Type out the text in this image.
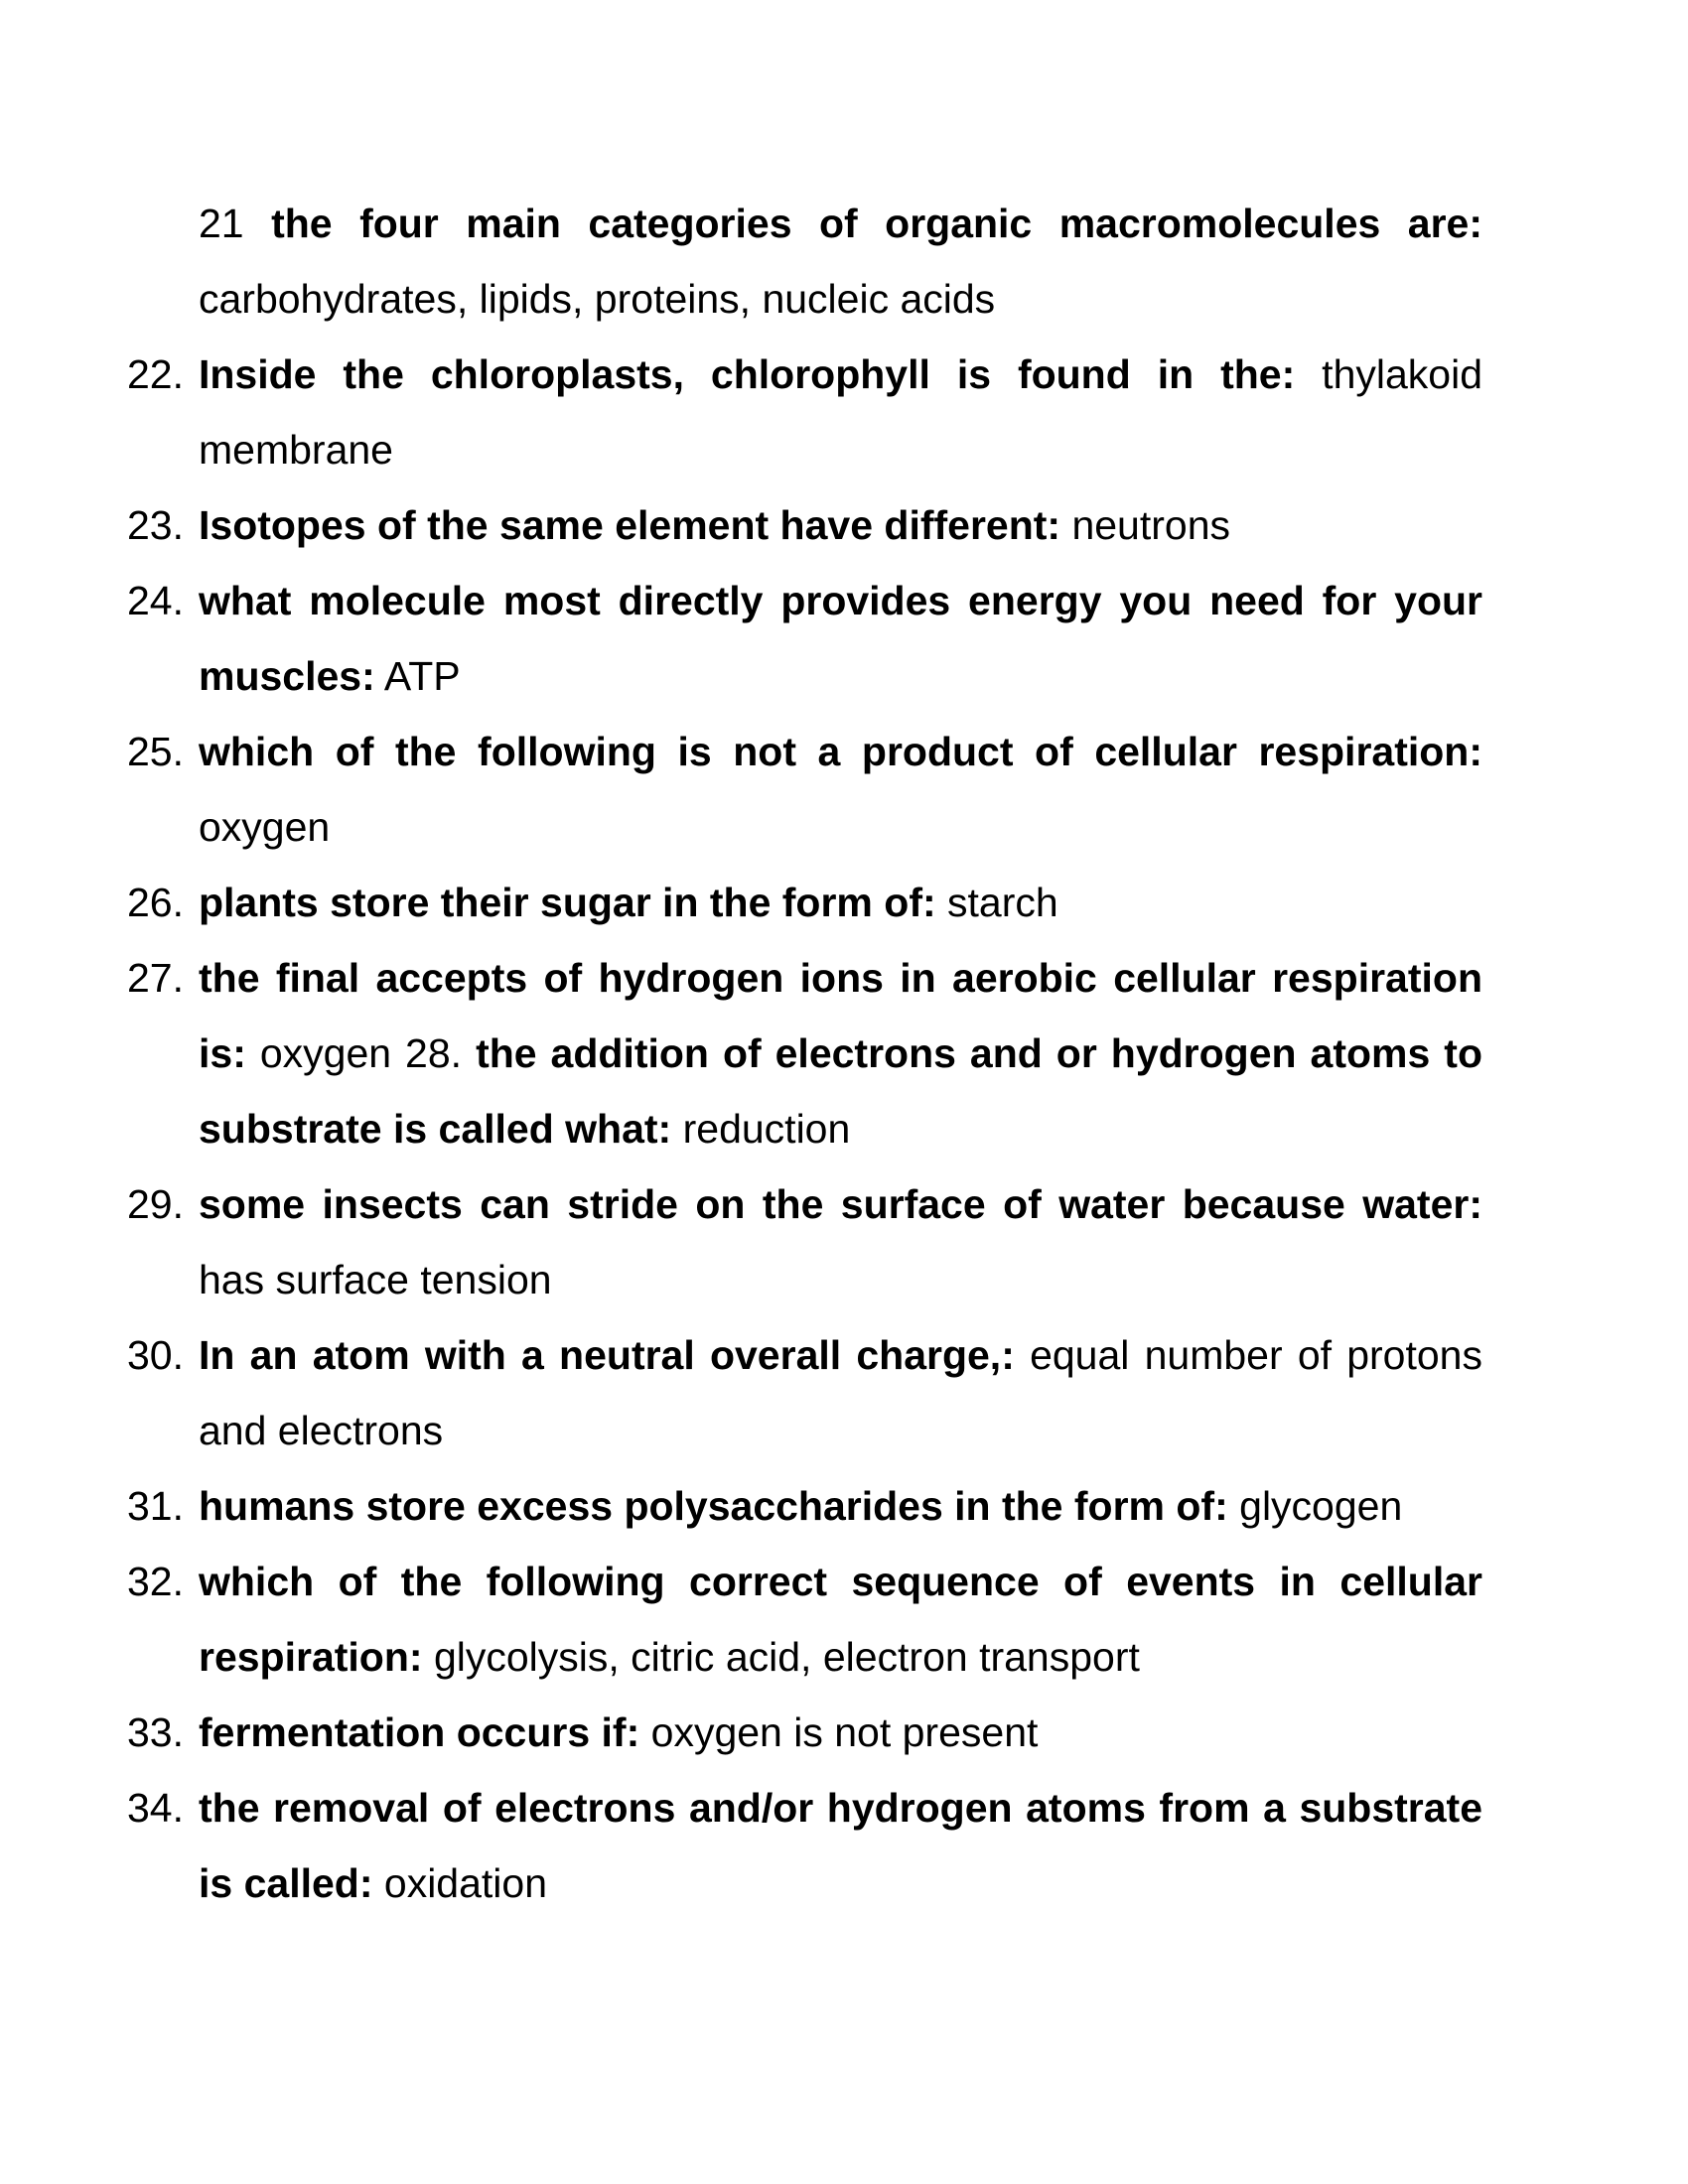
21 the four main categories of organic macromolecules are: carbohydrates, lipids, proteins, nucleic acids
22. Inside the chloroplasts, chlorophyll is found in the: thylakoid membrane
23. Isotopes of the same element have different: neutrons
24. what molecule most directly provides energy you need for your muscles: ATP
25. which of the following is not a product of cellular respiration: oxygen
26. plants store their sugar in the form of: starch
27. the final accepts of hydrogen ions in aerobic cellular respiration is: oxygen 28. the addition of electrons and or hydrogen atoms to substrate is called what: reduction
29. some insects can stride on the surface of water because water: has surface tension
30. In an atom with a neutral overall charge,: equal number of protons and electrons
31. humans store excess polysaccharides in the form of: glycogen
32. which of the following correct sequence of events in cellular respiration: glycolysis, citric acid, electron transport
33. fermentation occurs if: oxygen is not present
34. the removal of electrons and/or hydrogen atoms from a substrate is called: oxidation
